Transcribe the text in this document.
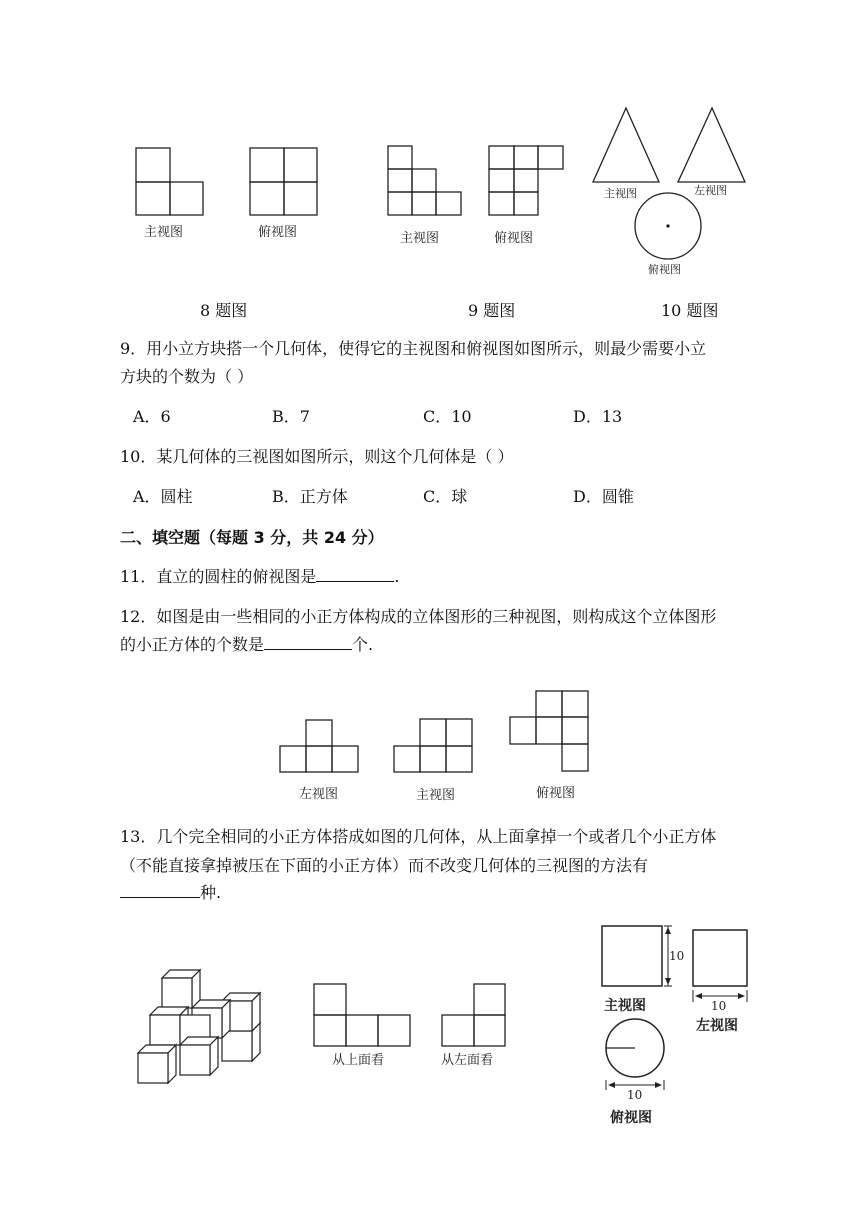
主视图	俯视图	主视图	俯视图
主视图	左视图
俯视图
8 题图	9 题图	10 题图
9．用小立方块搭一个几何体，使得它的主视图和俯视图如图所示，则最少需要小立
方块的个数为（ ）
A．6	B．7	C．10	D．13
10．某几何体的三视图如图所示，则这个几何体是（ ）
A．圆柱	B．正方体	C．球	D．圆锥
二、填空题（每题 3 分，共 24 分）
11．直立的圆柱的俯视图是	.
12．如图是由一些相同的小正方体构成的立体图形的三种视图，则构成这个立体图形
的小正方体的个数是	个.
左视图	主视图	俯视图
13．几个完全相同的小正方体搭成如图的几何体，从上面拿掉一个或者几个小正方体
（不能直接拿掉被压在下面的小正方体）而不改变几何体的三视图的方法有
种.
从上面看	从左面看
10
10
10
主视图
左视图
俯视图
